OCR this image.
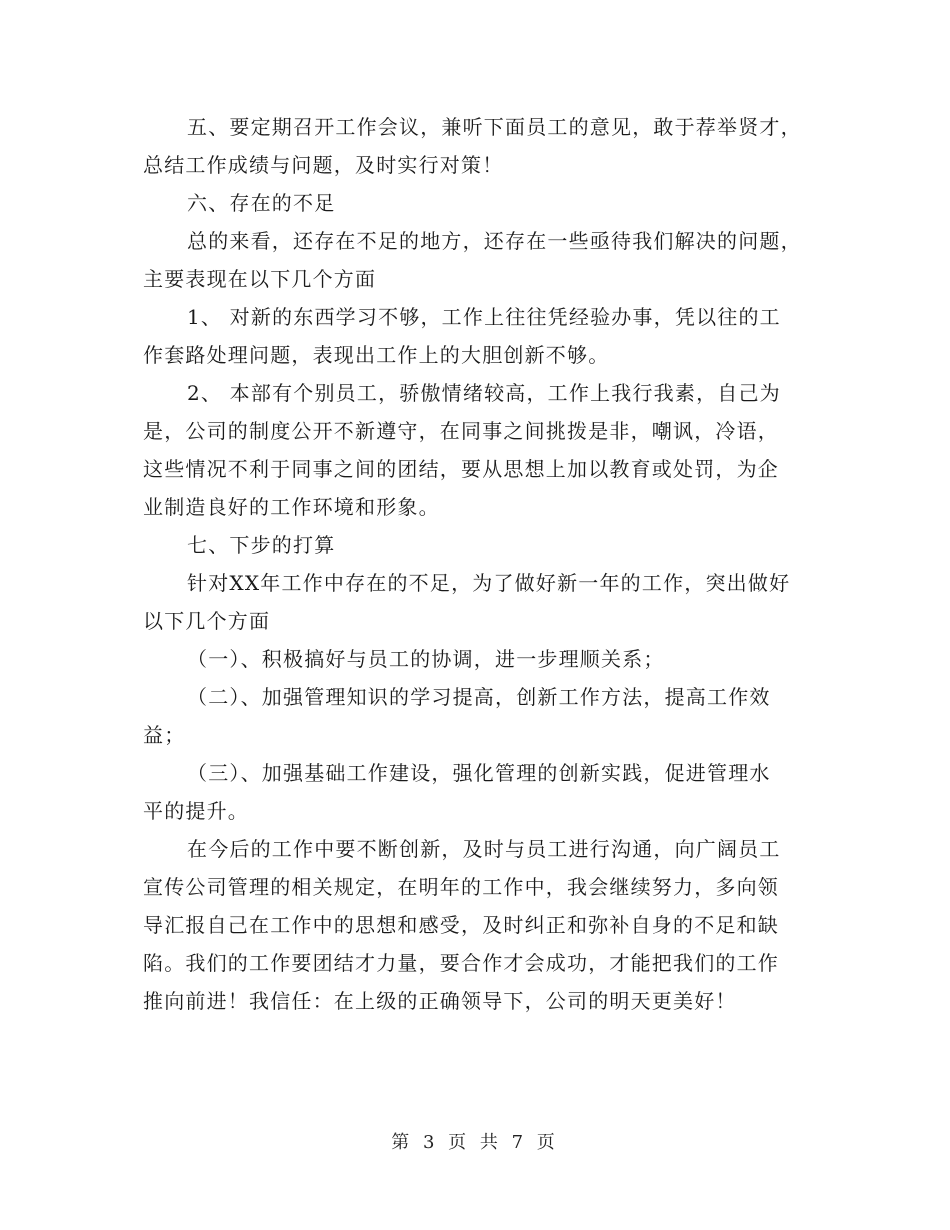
五、要定期召开工作会议，兼听下面员工的意见，敢于荐举贤才，
总结工作成绩与问题，及时实行对策！
六、存在的不足
总的来看，还存在不足的地方，还存在一些亟待我们解决的问题，
主要表现在以下几个方面
1、 对新的东西学习不够，工作上往往凭经验办事，凭以往的工
作套路处理问题，表现出工作上的大胆创新不够。
2、 本部有个别员工，骄傲情绪较高，工作上我行我素，自己为
是，公司的制度公开不新遵守，在同事之间挑拨是非，嘲讽，冷语，
这些情况不利于同事之间的团结，要从思想上加以教育或处罚，为企
业制造良好的工作环境和形象。
七、下步的打算
针对XX年工作中存在的不足，为了做好新一年的工作，突出做好
以下几个方面
（一）、积极搞好与员工的协调，进一步理顺关系；
（二）、加强管理知识的学习提高，创新工作方法，提高工作效
益；
（三）、加强基础工作建设，强化管理的创新实践，促进管理水
平的提升。
在今后的工作中要不断创新，及时与员工进行沟通，向广阔员工
宣传公司管理的相关规定，在明年的工作中，我会继续努力，多向领
导汇报自己在工作中的思想和感受，及时纠正和弥补自身的不足和缺
陷。我们的工作要团结才力量，要合作才会成功，才能把我们的工作
推向前进！我信任：在上级的正确领导下，公司的明天更美好！
第 3 页 共 7 页
